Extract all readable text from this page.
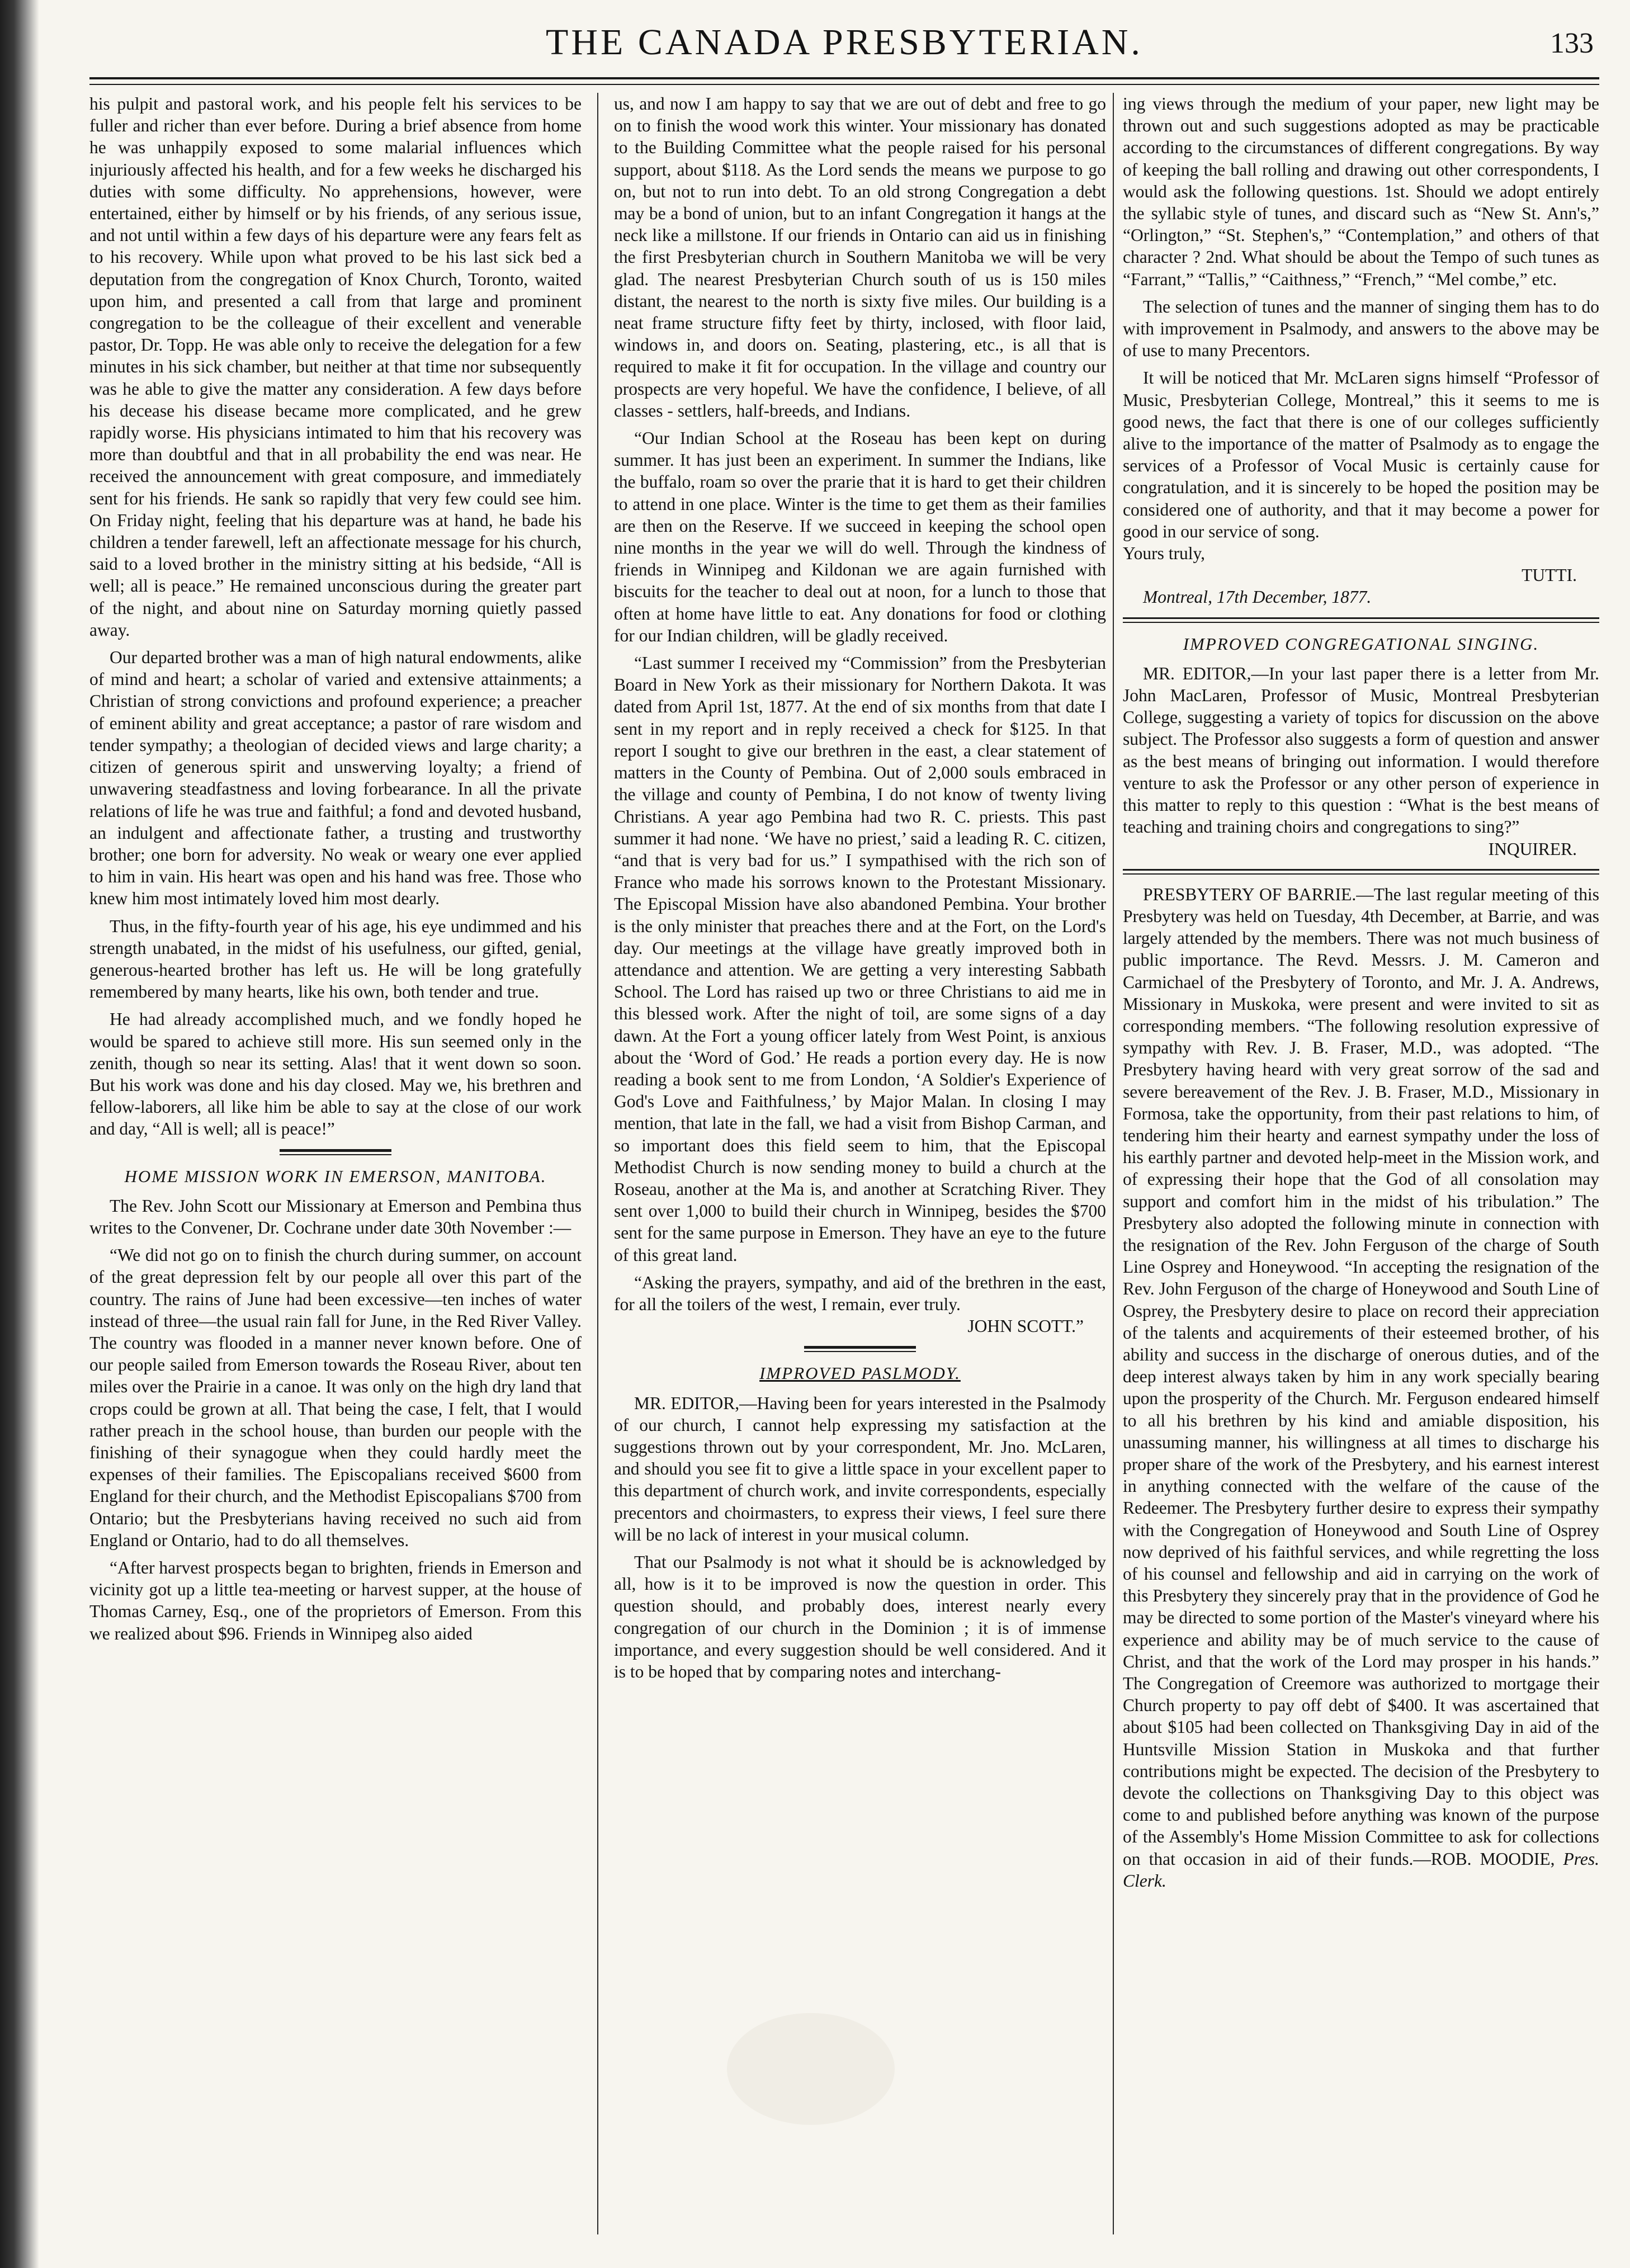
THE CANADA PRESBYTERIAN.	133

his pulpit and pastoral work, and his people felt his services to be fuller and richer than ever before. During a brief absence from home he was unhappily exposed to some malarial influences which injuriously affected his health, and for a few weeks he discharged his duties with some difficulty. No apprehensions, however, were entertained, either by himself or by his friends, of any serious issue, and not until within a few days of his departure were any fears felt as to his recovery. While upon what proved to be his last sick bed a deputation from the congregation of Knox Church, Toronto, waited upon him, and presented a call from that large and prominent congregation to be the colleague of their excellent and venerable pastor, Dr. Topp. He was able only to receive the delegation for a few minutes in his sick chamber, but neither at that time nor subsequently was he able to give the matter any consideration. A few days before his decease his disease became more complicated, and he grew rapidly worse. His physicians intimated to him that his recovery was more than doubtful and that in all probability the end was near. He received the announcement with great composure, and immediately sent for his friends. He sank so rapidly that very few could see him. On Friday night, feeling that his departure was at hand, he bade his children a tender farewell, left an affectionate message for his church, said to a loved brother in the ministry sitting at his bedside, “All is well; all is peace.” He remained unconscious during the greater part of the night, and about nine on Saturday morning quietly passed away.

Our departed brother was a man of high natural endowments, alike of mind and heart; a scholar of varied and extensive attainments; a Christian of strong convictions and profound experience; a preacher of eminent ability and great acceptance; a pastor of rare wisdom and tender sympathy; a theologian of decided views and large charity; a citizen of generous spirit and unswerving loyalty; a friend of unwavering steadfastness and loving forbearance. In all the private relations of life he was true and faithful; a fond and devoted husband, an indulgent and affectionate father, a trusting and trustworthy brother; one born for adversity. No weak or weary one ever applied to him in vain. His heart was open and his hand was free. Those who knew him most intimately loved him most dearly.

Thus, in the fifty-fourth year of his age, his eye undimmed and his strength unabated, in the midst of his usefulness, our gifted, genial, generous-hearted brother has left us. He will be long gratefully remembered by many hearts, like his own, both tender and true.

He had already accomplished much, and we fondly hoped he would be spared to achieve still more. His sun seemed only in the zenith, though so near its setting. Alas! that it went down so soon. But his work was done and his day closed. May we, his brethren and fellow-laborers, all like him be able to say at the close of our work and day, “All is well; all is peace!”

HOME MISSION WORK IN EMERSON, MANITOBA.

The Rev. John Scott our Missionary at Emerson and Pembina thus writes to the Convener, Dr. Cochrane under date 30th November :—

“We did not go on to finish the church during summer, on account of the great depression felt by our people all over this part of the country. The rains of June had been excessive—ten inches of water instead of three—the usual rain fall for June, in the Red River Valley. The country was flooded in a manner never known before. One of our people sailed from Emerson towards the Roseau River, about ten miles over the Prairie in a canoe. It was only on the high dry land that crops could be grown at all. That being the case, I felt, that I would rather preach in the school house, than burden our people with the finishing of their synagogue when they could hardly meet the expenses of their families. The Episcopalians received $600 from England for their church, and the Methodist Episcopalians $700 from Ontario; but the Presbyterians having received no such aid from England or Ontario, had to do all themselves.

“After harvest prospects began to brighten, friends in Emerson and vicinity got up a little tea-meeting or harvest supper, at the house of Thomas Carney, Esq., one of the proprietors of Emerson. From this we realized about $96. Friends in Winnipeg also aided

us, and now I am happy to say that we are out of debt and free to go on to finish the wood work this winter. Your missionary has donated to the Building Committee what the people raised for his personal support, about $118. As the Lord sends the means we purpose to go on, but not to run into debt. To an old strong Congregation a debt may be a bond of union, but to an infant Congregation it hangs at the neck like a millstone. If our friends in Ontario can aid us in finishing the first Presbyterian church in Southern Manitoba we will be very glad. The nearest Presbyterian Church south of us is 150 miles distant, the nearest to the north is sixty five miles. Our building is a neat frame structure fifty feet by thirty, inclosed, with floor laid, windows in, and doors on. Seating, plastering, etc., is all that is required to make it fit for occupation. In the village and country our prospects are very hopeful. We have the confidence, I believe, of all classes - settlers, half-breeds, and Indians.

“Our Indian School at the Roseau has been kept on during summer. It has just been an experiment. In summer the Indians, like the buffalo, roam so over the prarie that it is hard to get their children to attend in one place. Winter is the time to get them as their families are then on the Reserve. If we succeed in keeping the school open nine months in the year we will do well. Through the kindness of friends in Winnipeg and Kildonan we are again furnished with biscuits for the teacher to deal out at noon, for a lunch to those that often at home have little to eat. Any donations for food or clothing for our Indian children, will be gladly received.

“Last summer I received my “Commission” from the Presbyterian Board in New York as their missionary for Northern Dakota. It was dated from April 1st, 1877. At the end of six months from that date I sent in my report and in reply received a check for $125. In that report I sought to give our brethren in the east, a clear statement of matters in the County of Pembina. Out of 2,000 souls embraced in the village and county of Pembina, I do not know of twenty living Christians. A year ago Pembina had two R. C. priests. This past summer it had none. ‘We have no priest,’ said a leading R. C. citizen, “and that is very bad for us.” I sympathised with the rich son of France who made his sorrows known to the Protestant Missionary. The Episcopal Mission have also abandoned Pembina. Your brother is the only minister that preaches there and at the Fort, on the Lord's day. Our meetings at the village have greatly improved both in attendance and attention. We are getting a very interesting Sabbath School. The Lord has raised up two or three Christians to aid me in this blessed work. After the night of toil, are some signs of a day dawn. At the Fort a young officer lately from West Point, is anxious about the ‘Word of God.’ He reads a portion every day. He is now reading a book sent to me from London, ‘A Soldier's Experience of God's Love and Faithfulness,’ by Major Malan. In closing I may mention, that late in the fall, we had a visit from Bishop Carman, and so important does this field seem to him, that the Episcopal Methodist Church is now sending money to build a church at the Roseau, another at the Ma is, and another at Scratching River. They sent over 1,000 to build their church in Winnipeg, besides the $700 sent for the same purpose in Emerson. They have an eye to the future of this great land.

“Asking the prayers, sympathy, and aid of the brethren in the east, for all the toilers of the west, I remain, ever truly.

JOHN SCOTT.”

IMPROVED PASLMODY.

MR. EDITOR,—Having been for years interested in the Psalmody of our church, I cannot help expressing my satisfaction at the suggestions thrown out by your correspondent, Mr. Jno. McLaren, and should you see fit to give a little space in your excellent paper to this department of church work, and invite correspondents, especially precentors and choirmasters, to express their views, I feel sure there will be no lack of interest in your musical column.

That our Psalmody is not what it should be is acknowledged by all, how is it to be improved is now the question in order. This question should, and probably does, interest nearly every congregation of our church in the Dominion ; it is of immense importance, and every suggestion should be well considered. And it is to be hoped that by comparing notes and interchang-

ing views through the medium of your paper, new light may be thrown out and such suggestions adopted as may be practicable according to the circumstances of different congregations. By way of keeping the ball rolling and drawing out other correspondents, I would ask the following questions. 1st. Should we adopt entirely the syllabic style of tunes, and discard such as “New St. Ann's,” “Orlington,” “St. Stephen's,” “Contemplation,” and others of that character ? 2nd. What should be about the Tempo of such tunes as “Farrant,” “Tallis,” “Caithness,” “French,” “Mel combe,” etc.

The selection of tunes and the manner of singing them has to do with improvement in Psalmody, and answers to the above may be of use to many Precentors.

It will be noticed that Mr. McLaren signs himself “Professor of Music, Presbyterian College, Montreal,” this it seems to me is good news, the fact that there is one of our colleges sufficiently alive to the importance of the matter of Psalmody as to engage the services of a Professor of Vocal Music is certainly cause for congratulation, and it is sincerely to be hoped the position may be considered one of authority, and that it may become a power for good in our service of song.

Yours truly,

TUTTI.

Montreal, 17th December, 1877.

IMPROVED CONGREGATIONAL SINGING.

MR. EDITOR,—In your last paper there is a letter from Mr. John MacLaren, Professor of Music, Montreal Presbyterian College, suggesting a variety of topics for discussion on the above subject. The Professor also suggests a form of question and answer as the best means of bringing out information. I would therefore venture to ask the Professor or any other person of experience in this matter to reply to this question : “What is the best means of teaching and training choirs and congregations to sing?”

INQUIRER.

PRESBYTERY OF BARRIE.—The last regular meeting of this Presbytery was held on Tuesday, 4th December, at Barrie, and was largely attended by the members. There was not much business of public importance. The Revd. Messrs. J. M. Cameron and Carmichael of the Presbytery of Toronto, and Mr. J. A. Andrews, Missionary in Muskoka, were present and were invited to sit as corresponding members. “The following resolution expressive of sympathy with Rev. J. B. Fraser, M.D., was adopted. “The Presbytery having heard with very great sorrow of the sad and severe bereavement of the Rev. J. B. Fraser, M.D., Missionary in Formosa, take the opportunity, from their past relations to him, of tendering him their hearty and earnest sympathy under the loss of his earthly partner and devoted help-meet in the Mission work, and of expressing their hope that the God of all consolation may support and comfort him in the midst of his tribulation.” The Presbytery also adopted the following minute in connection with the resignation of the Rev. John Ferguson of the charge of South Line Osprey and Honeywood. “In accepting the resignation of the Rev. John Ferguson of the charge of Honeywood and South Line of Osprey, the Presbytery desire to place on record their appreciation of the talents and acquirements of their esteemed brother, of his ability and success in the discharge of onerous duties, and of the deep interest always taken by him in any work specially bearing upon the prosperity of the Church. Mr. Ferguson endeared himself to all his brethren by his kind and amiable disposition, his unassuming manner, his willingness at all times to discharge his proper share of the work of the Presbytery, and his earnest interest in anything connected with the welfare of the cause of the Redeemer. The Presbytery further desire to express their sympathy with the Congregation of Honeywood and South Line of Osprey now deprived of his faithful services, and while regretting the loss of his counsel and fellowship and aid in carrying on the work of this Presbytery they sincerely pray that in the providence of God he may be directed to some portion of the Master's vineyard where his experience and ability may be of much service to the cause of Christ, and that the work of the Lord may prosper in his hands.” The Congregation of Creemore was authorized to mortgage their Church property to pay off debt of $400. It was ascertained that about $105 had been collected on Thanksgiving Day in aid of the Huntsville Mission Station in Muskoka and that further contributions might be expected. The decision of the Presbytery to devote the collections on Thanksgiving Day to this object was come to and published before anything was known of the purpose of the Assembly's Home Mission Committee to ask for collections on that occasion in aid of their funds.—ROB. MOODIE, Pres. Clerk.
